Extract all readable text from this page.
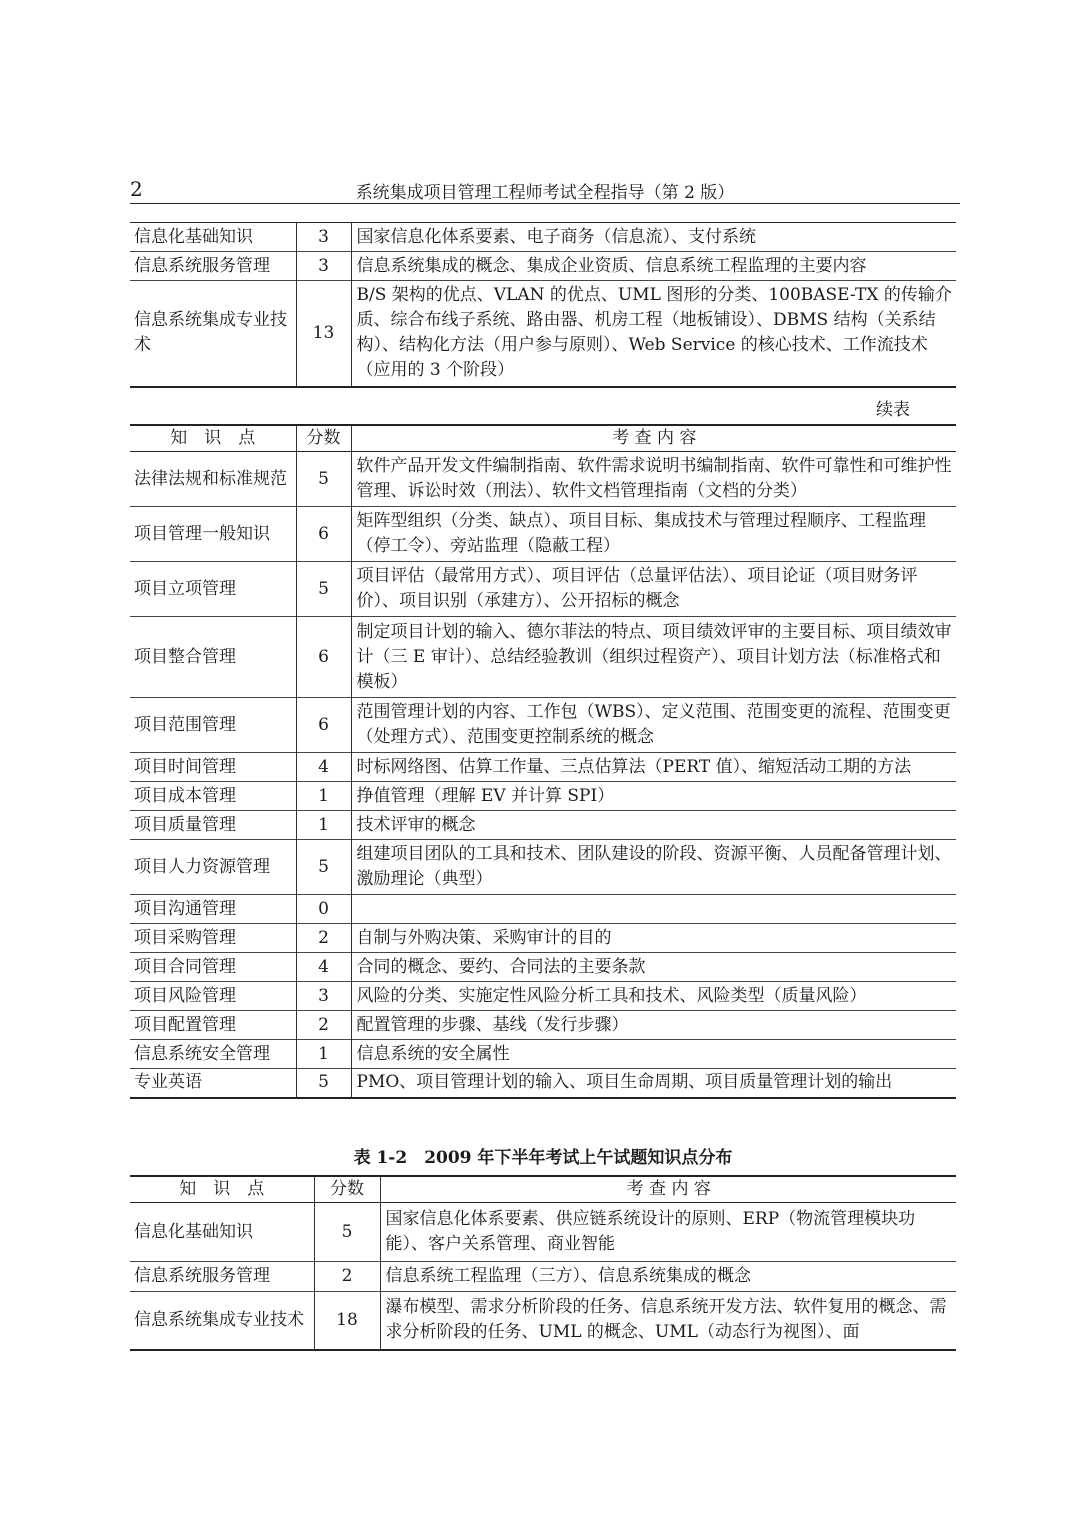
2	系统集成项目管理工程师考试全程指导（第 2 版）
信息化基础知识	3	国家信息化体系要素、电子商务（信息流）、支付系统
信息系统服务管理	3	信息系统集成的概念、集成企业资质、信息系统工程监理的主要内容
信息系统集成专业技术	13	B/S 架构的优点、VLAN 的优点、UML 图形的分类、100BASE-TX 的传输介质、综合布线子系统、路由器、机房工程（地板铺设）、DBMS 结构（关系结构）、结构化方法（用户参与原则）、Web Service 的核心技术、工作流技术（应用的 3 个阶段）
续表
知　识　点	分数	考 查 内 容
法律法规和标准规范	5	软件产品开发文件编制指南、软件需求说明书编制指南、软件可靠性和可维护性管理、诉讼时效（刑法）、软件文档管理指南（文档的分类）
项目管理一般知识	6	矩阵型组织（分类、缺点）、项目目标、集成技术与管理过程顺序、工程监理（停工令）、旁站监理（隐蔽工程）
项目立项管理	5	项目评估（最常用方式）、项目评估（总量评估法）、项目论证（项目财务评价）、项目识别（承建方）、公开招标的概念
项目整合管理	6	制定项目计划的输入、德尔菲法的特点、项目绩效评审的主要目标、项目绩效审计（三 E 审计）、总结经验教训（组织过程资产）、项目计划方法（标准格式和模板）
项目范围管理	6	范围管理计划的内容、工作包（WBS）、定义范围、范围变更的流程、范围变更（处理方式）、范围变更控制系统的概念
项目时间管理	4	时标网络图、估算工作量、三点估算法（PERT 值）、缩短活动工期的方法
项目成本管理	1	挣值管理（理解 EV 并计算 SPI）
项目质量管理	1	技术评审的概念
项目人力资源管理	5	组建项目团队的工具和技术、团队建设的阶段、资源平衡、人员配备管理计划、激励理论（典型）
项目沟通管理	0	
项目采购管理	2	自制与外购决策、采购审计的目的
项目合同管理	4	合同的概念、要约、合同法的主要条款
项目风险管理	3	风险的分类、实施定性风险分析工具和技术、风险类型（质量风险）
项目配置管理	2	配置管理的步骤、基线（发行步骤）
信息系统安全管理	1	信息系统的安全属性
专业英语	5	PMO、项目管理计划的输入、项目生命周期、项目质量管理计划的输出
表 1-2　2009 年下半年考试上午试题知识点分布
知　识　点	分数	考 查 内 容
信息化基础知识	5	国家信息化体系要素、供应链系统设计的原则、ERP（物流管理模块功能）、客户关系管理、商业智能
信息系统服务管理	2	信息系统工程监理（三方）、信息系统集成的概念
信息系统集成专业技术	18	瀑布模型、需求分析阶段的任务、信息系统开发方法、软件复用的概念、需求分析阶段的任务、UML 的概念、UML（动态行为视图）、面
